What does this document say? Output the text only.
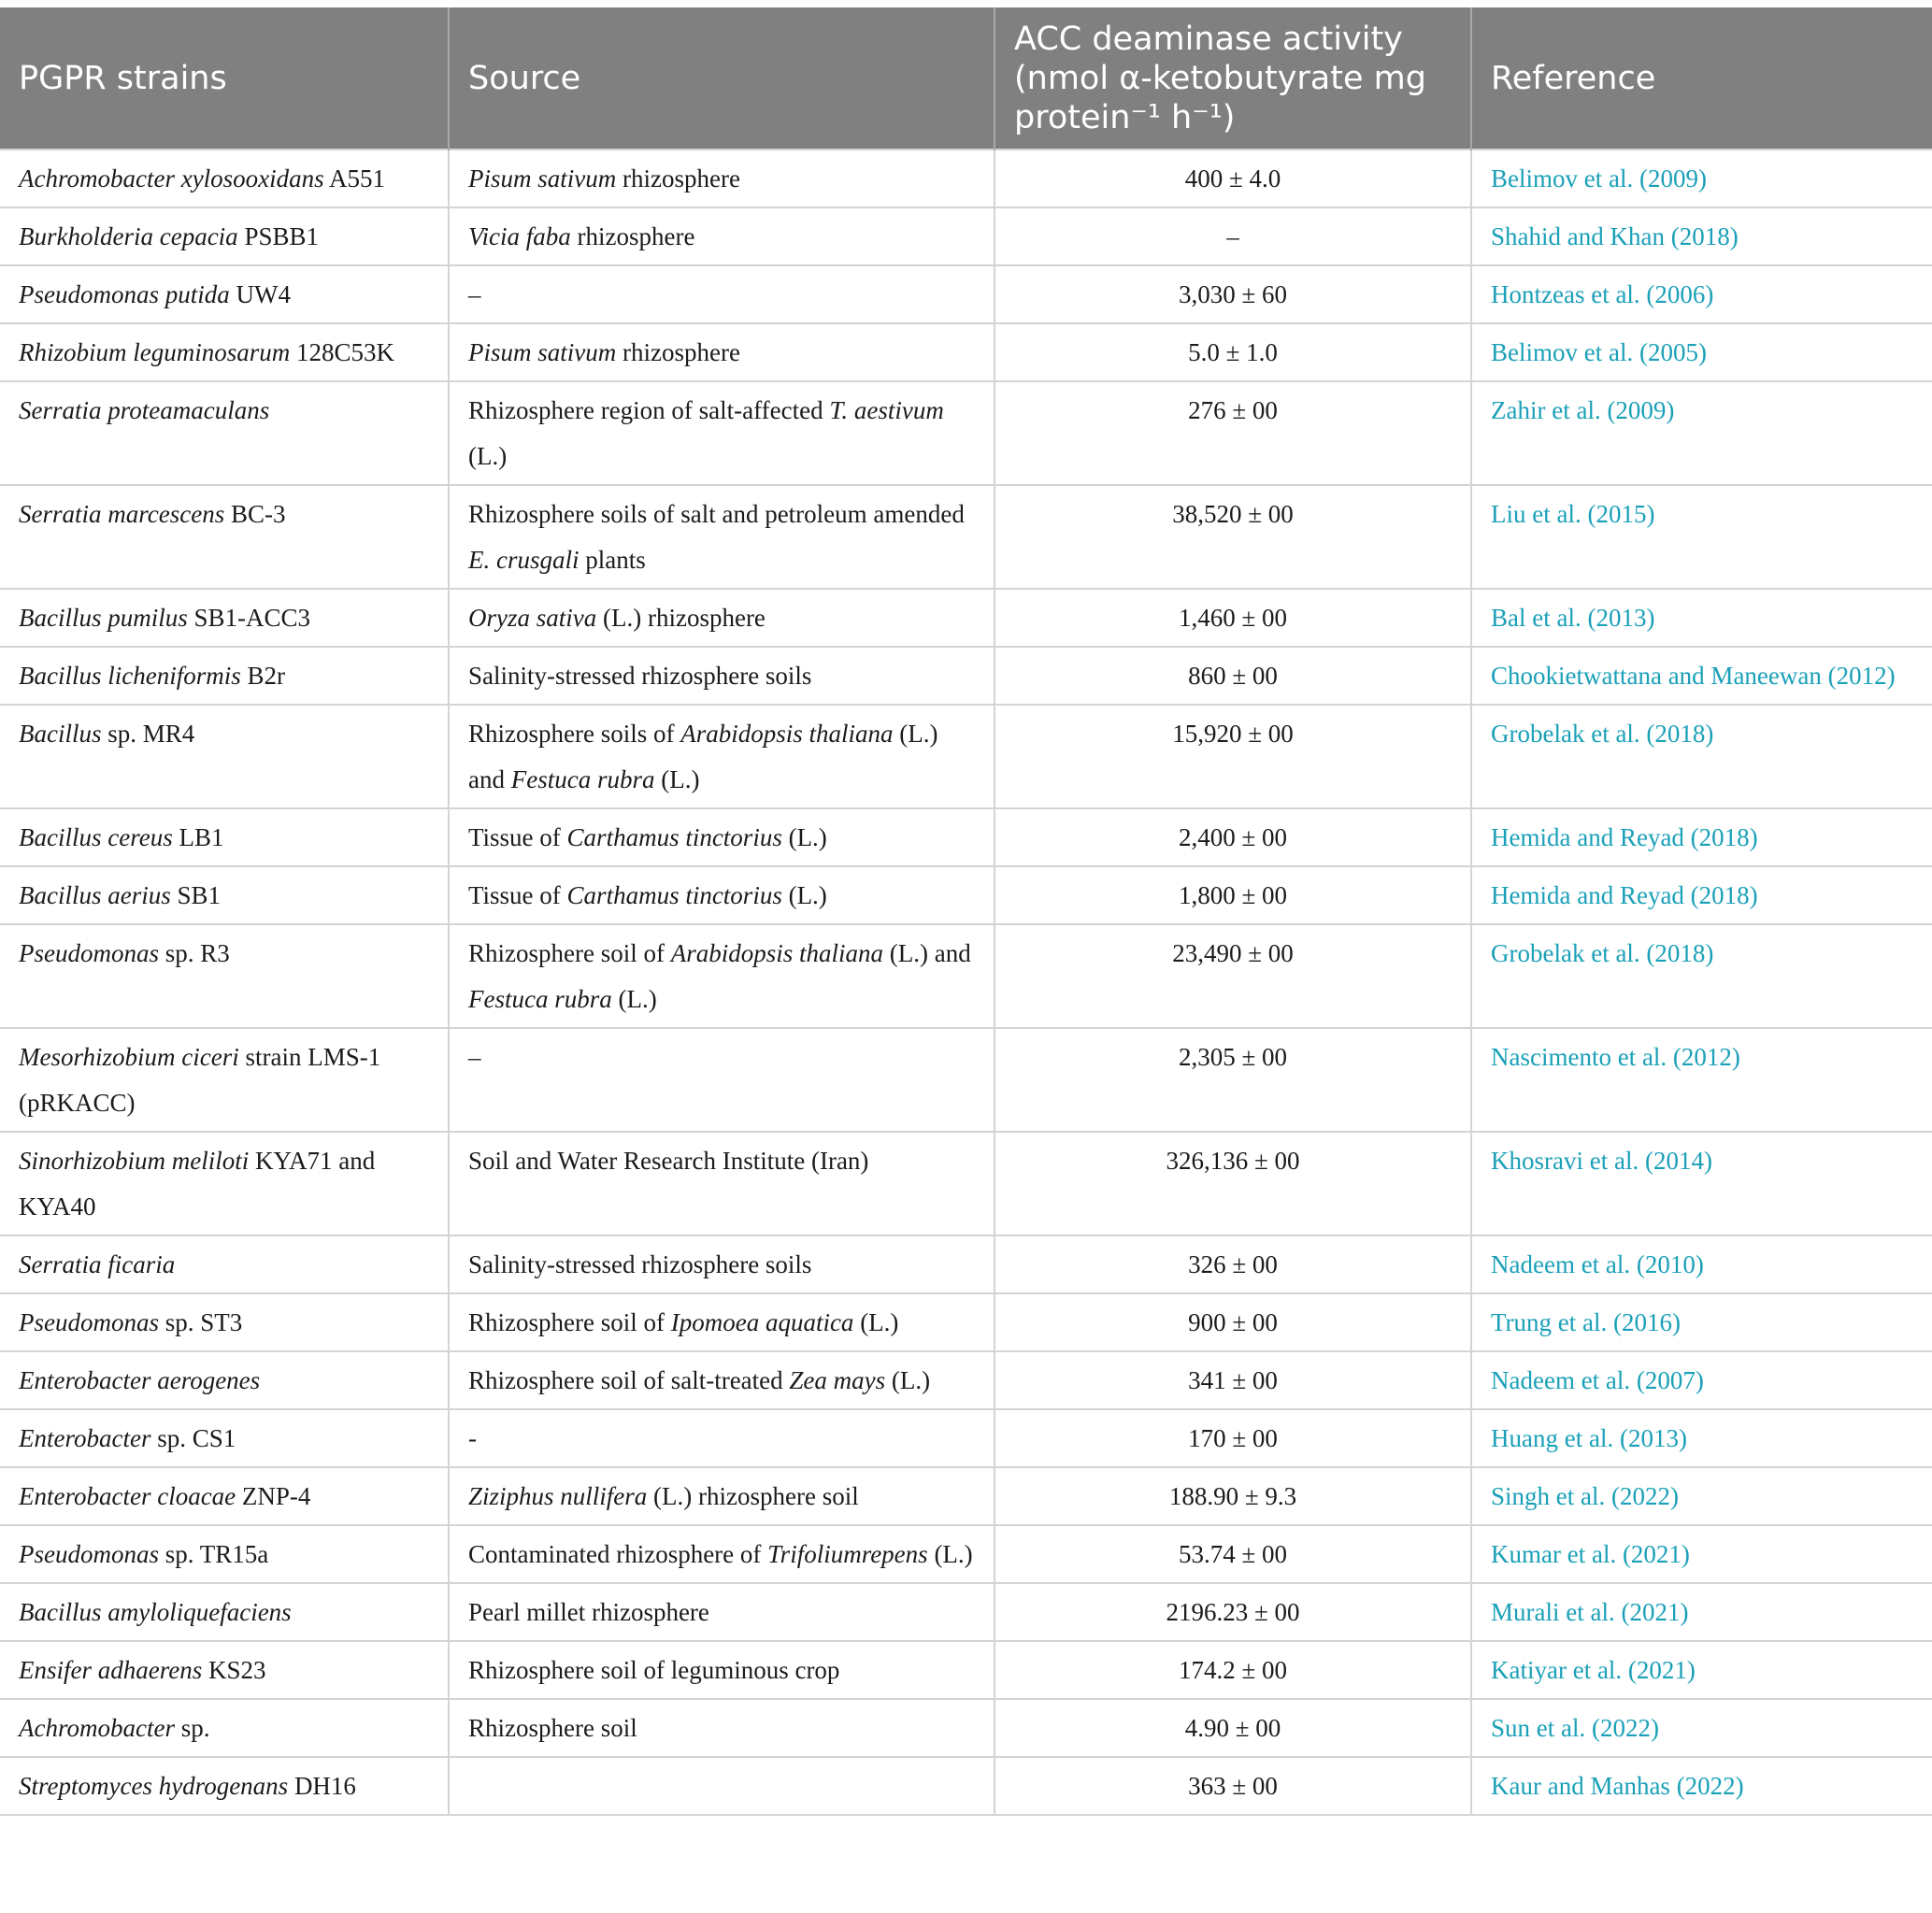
PGPR strains	Source	ACC deaminase activity (nmol α-ketobutyrate mg protein⁻¹ h⁻¹)	Reference
Achromobacter xylosooxidans A551	Pisum sativum rhizosphere	400 ± 4.0	Belimov et al. (2009)
Burkholderia cepacia PSBB1	Vicia faba rhizosphere	–	Shahid and Khan (2018)
Pseudomonas putida UW4	–	3,030 ± 60	Hontzeas et al. (2006)
Rhizobium leguminosarum 128C53K	Pisum sativum rhizosphere	5.0 ± 1.0	Belimov et al. (2005)
Serratia proteamaculans	Rhizosphere region of salt-affected T. aestivum (L.)	276 ± 00	Zahir et al. (2009)
Serratia marcescens BC-3	Rhizosphere soils of salt and petroleum amended E. crusgali plants	38,520 ± 00	Liu et al. (2015)
Bacillus pumilus SB1-ACC3	Oryza sativa (L.) rhizosphere	1,460 ± 00	Bal et al. (2013)
Bacillus licheniformis B2r	Salinity-stressed rhizosphere soils	860 ± 00	Chookietwattana and Maneewan (2012)
Bacillus sp. MR4	Rhizosphere soils of Arabidopsis thaliana (L.) and Festuca rubra (L.)	15,920 ± 00	Grobelak et al. (2018)
Bacillus cereus LB1	Tissue of Carthamus tinctorius (L.)	2,400 ± 00	Hemida and Reyad (2018)
Bacillus aerius SB1	Tissue of Carthamus tinctorius (L.)	1,800 ± 00	Hemida and Reyad (2018)
Pseudomonas sp. R3	Rhizosphere soil of Arabidopsis thaliana (L.) and Festuca rubra (L.)	23,490 ± 00	Grobelak et al. (2018)
Mesorhizobium ciceri strain LMS-1 (pRKACC)	–	2,305 ± 00	Nascimento et al. (2012)
Sinorhizobium meliloti KYA71 and KYA40	Soil and Water Research Institute (Iran)	326,136 ± 00	Khosravi et al. (2014)
Serratia ficaria	Salinity-stressed rhizosphere soils	326 ± 00	Nadeem et al. (2010)
Pseudomonas sp. ST3	Rhizosphere soil of Ipomoea aquatica (L.)	900 ± 00	Trung et al. (2016)
Enterobacter aerogenes	Rhizosphere soil of salt-treated Zea mays (L.)	341 ± 00	Nadeem et al. (2007)
Enterobacter sp. CS1	-	170 ± 00	Huang et al. (2013)
Enterobacter cloacae ZNP-4	Ziziphus nullifera (L.) rhizosphere soil	188.90 ± 9.3	Singh et al. (2022)
Pseudomonas sp. TR15a	Contaminated rhizosphere of Trifoliumrepens (L.)	53.74 ± 00	Kumar et al. (2021)
Bacillus amyloliquefaciens	Pearl millet rhizosphere	2196.23 ± 00	Murali et al. (2021)
Ensifer adhaerens KS23	Rhizosphere soil of leguminous crop	174.2 ± 00	Katiyar et al. (2021)
Achromobacter sp.	Rhizosphere soil	4.90 ± 00	Sun et al. (2022)
Streptomyces hydrogenans DH16		363 ± 00	Kaur and Manhas (2022)
